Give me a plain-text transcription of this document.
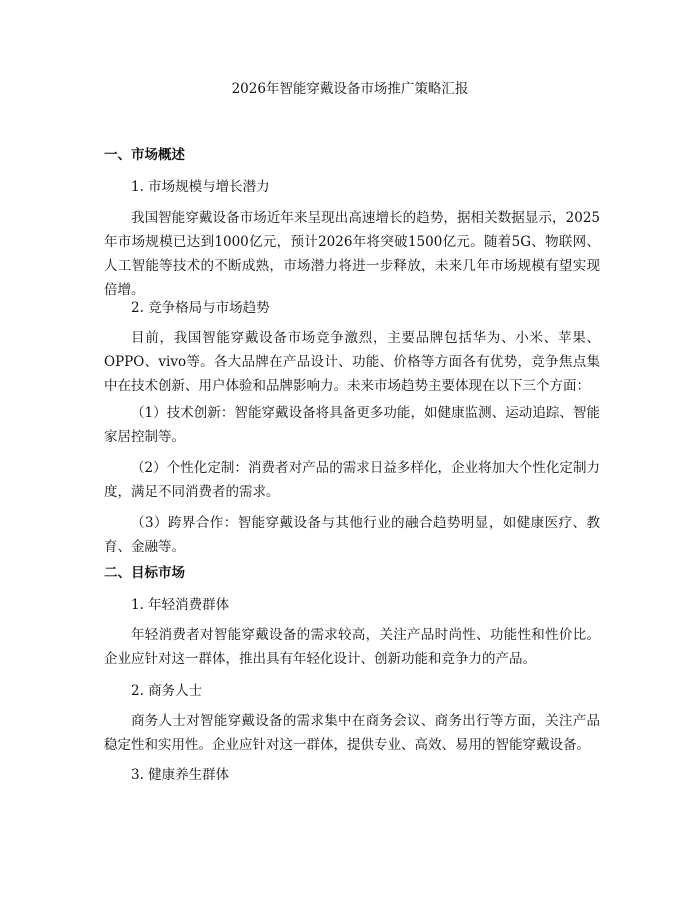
2026年智能穿戴设备市场推广策略汇报
一、市场概述
1. 市场规模与增长潜力
我国智能穿戴设备市场近年来呈现出高速增长的趋势，据相关数据显示，2025年市场规模已达到1000亿元，预计2026年将突破1500亿元。随着5G、物联网、人工智能等技术的不断成熟，市场潜力将进一步释放，未来几年市场规模有望实现倍增。
2. 竞争格局与市场趋势
目前，我国智能穿戴设备市场竞争激烈，主要品牌包括华为、小米、苹果、OPPO、vivo等。各大品牌在产品设计、功能、价格等方面各有优势，竞争焦点集中在技术创新、用户体验和品牌影响力。未来市场趋势主要体现在以下三个方面：
（1）技术创新：智能穿戴设备将具备更多功能，如健康监测、运动追踪、智能家居控制等。
（2）个性化定制：消费者对产品的需求日益多样化，企业将加大个性化定制力度，满足不同消费者的需求。
（3）跨界合作：智能穿戴设备与其他行业的融合趋势明显，如健康医疗、教育、金融等。
二、目标市场
1. 年轻消费群体
年轻消费者对智能穿戴设备的需求较高，关注产品时尚性、功能性和性价比。企业应针对这一群体，推出具有年轻化设计、创新功能和竞争力的产品。
2. 商务人士
商务人士对智能穿戴设备的需求集中在商务会议、商务出行等方面，关注产品稳定性和实用性。企业应针对这一群体，提供专业、高效、易用的智能穿戴设备。
3. 健康养生群体
